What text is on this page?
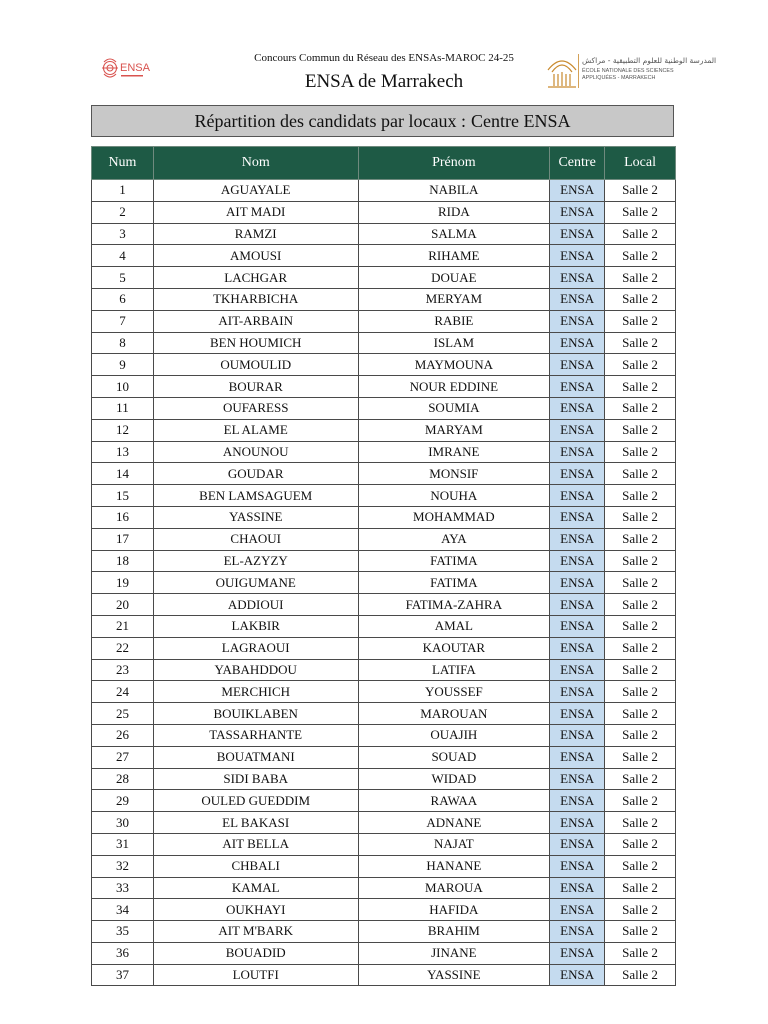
ENSA
Concours Commun du Réseau des ENSAs-MAROC 24-25
ENSA de Marrakech
المدرسة الوطنية للعلوم التطبيقية - مراكش
ÉCOLE NATIONALE DES SCIENCES APPLIQUÉES - MARRAKECH
Répartition des candidats par locaux : Centre ENSA
Num	Nom	Prénom	Centre	Local
1	AGUAYALE	NABILA	ENSA	Salle 2
2	AIT MADI	RIDA	ENSA	Salle 2
3	RAMZI	SALMA	ENSA	Salle 2
4	AMOUSI	RIHAME	ENSA	Salle 2
5	LACHGAR	DOUAE	ENSA	Salle 2
6	TKHARBICHA	MERYAM	ENSA	Salle 2
7	AIT-ARBAIN	RABIE	ENSA	Salle 2
8	BEN HOUMICH	ISLAM	ENSA	Salle 2
9	OUMOULID	MAYMOUNA	ENSA	Salle 2
10	BOURAR	NOUR EDDINE	ENSA	Salle 2
11	OUFARESS	SOUMIA	ENSA	Salle 2
12	EL ALAME	MARYAM	ENSA	Salle 2
13	ANOUNOU	IMRANE	ENSA	Salle 2
14	GOUDAR	MONSIF	ENSA	Salle 2
15	BEN LAMSAGUEM	NOUHA	ENSA	Salle 2
16	YASSINE	MOHAMMAD	ENSA	Salle 2
17	CHAOUI	AYA	ENSA	Salle 2
18	EL-AZYZY	FATIMA	ENSA	Salle 2
19	OUIGUMANE	FATIMA	ENSA	Salle 2
20	ADDIOUI	FATIMA-ZAHRA	ENSA	Salle 2
21	LAKBIR	AMAL	ENSA	Salle 2
22	LAGRAOUI	KAOUTAR	ENSA	Salle 2
23	YABAHDDOU	LATIFA	ENSA	Salle 2
24	MERCHICH	YOUSSEF	ENSA	Salle 2
25	BOUIKLABEN	MAROUAN	ENSA	Salle 2
26	TASSARHANTE	OUAJIH	ENSA	Salle 2
27	BOUATMANI	SOUAD	ENSA	Salle 2
28	SIDI BABA	WIDAD	ENSA	Salle 2
29	OULED GUEDDIM	RAWAA	ENSA	Salle 2
30	EL BAKASI	ADNANE	ENSA	Salle 2
31	AIT BELLA	NAJAT	ENSA	Salle 2
32	CHBALI	HANANE	ENSA	Salle 2
33	KAMAL	MAROUA	ENSA	Salle 2
34	OUKHAYI	HAFIDA	ENSA	Salle 2
35	AIT M'BARK	BRAHIM	ENSA	Salle 2
36	BOUADID	JINANE	ENSA	Salle 2
37	LOUTFI	YASSINE	ENSA	Salle 2
